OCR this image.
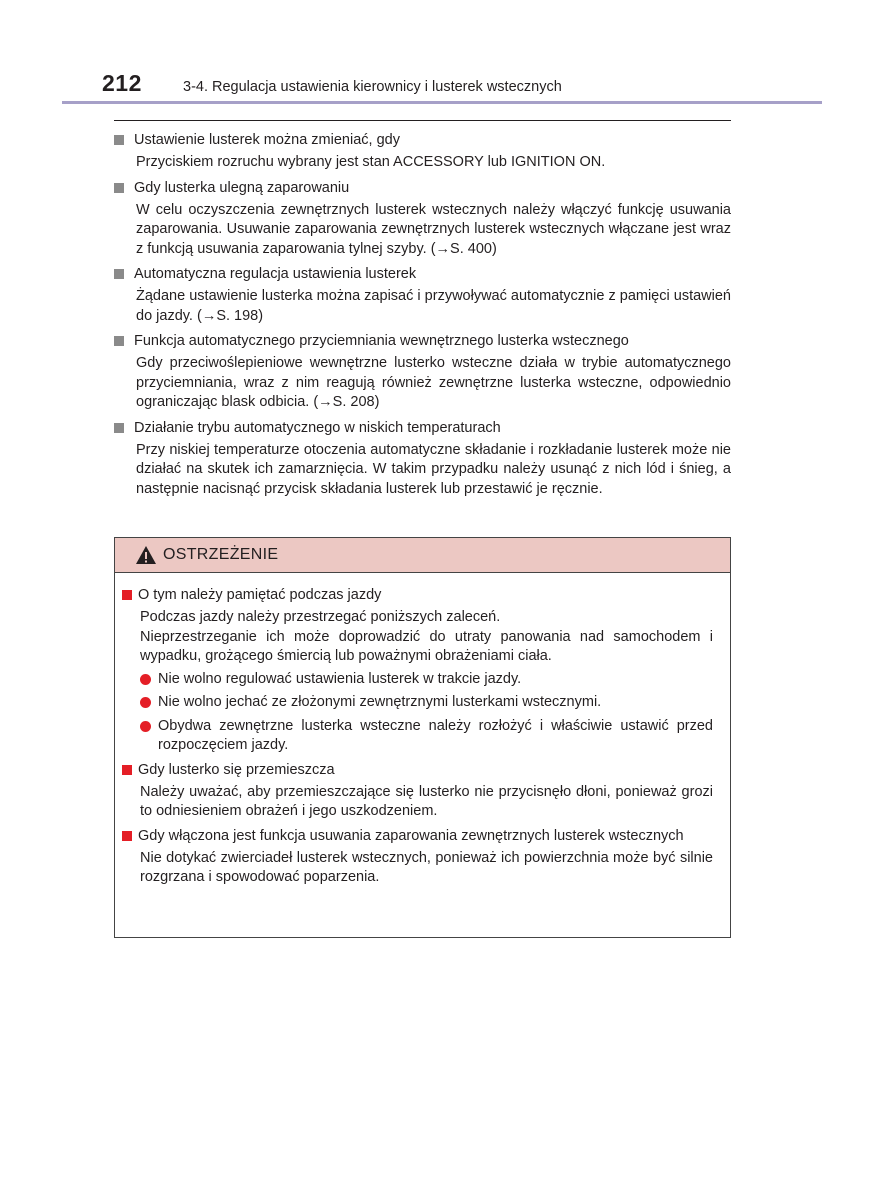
212	3-4. Regulacja ustawienia kierownicy i lusterek wstecznych
Ustawienie lusterek można zmieniać, gdy
Przyciskiem rozruchu wybrany jest stan ACCESSORY lub IGNITION ON.
Gdy lusterka ulegną zaparowaniu
W celu oczyszczenia zewnętrznych lusterek wstecznych należy włączyć funkcję usuwania zaparowania. Usuwanie zaparowania zewnętrznych lusterek wstecznych włączane jest wraz z funkcją usuwania zaparowania tylnej szyby. (→S. 400)
Automatyczna regulacja ustawienia lusterek
Żądane ustawienie lusterka można zapisać i przywoływać automatycznie z pamięci ustawień do jazdy. (→S. 198)
Funkcja automatycznego przyciemniania wewnętrznego lusterka wstecznego
Gdy przeciwoślepieniowe wewnętrzne lusterko wsteczne działa w trybie automatycznego przyciemniania, wraz z nim reagują również zewnętrzne lusterka wsteczne, odpowiednio ograniczając blask odbicia. (→S. 208)
Działanie trybu automatycznego w niskich temperaturach
Przy niskiej temperaturze otoczenia automatyczne składanie i rozkładanie lusterek może nie działać na skutek ich zamarznięcia. W takim przypadku należy usunąć z nich lód i śnieg, a następnie nacisnąć przycisk składania lusterek lub przestawić je ręcznie.
OSTRZEŻENIE
O tym należy pamiętać podczas jazdy
Podczas jazdy należy przestrzegać poniższych zaleceń.
Nieprzestrzeganie ich może doprowadzić do utraty panowania nad samochodem i wypadku, grożącego śmiercią lub poważnymi obrażeniami ciała.
Nie wolno regulować ustawienia lusterek w trakcie jazdy.
Nie wolno jechać ze złożonymi zewnętrznymi lusterkami wstecznymi.
Obydwa zewnętrzne lusterka wsteczne należy rozłożyć i właściwie ustawić przed rozpoczęciem jazdy.
Gdy lusterko się przemieszcza
Należy uważać, aby przemieszczające się lusterko nie przycisnęło dłoni, ponieważ grozi to odniesieniem obrażeń i jego uszkodzeniem.
Gdy włączona jest funkcja usuwania zaparowania zewnętrznych lusterek wstecznych
Nie dotykać zwierciadeł lusterek wstecznych, ponieważ ich powierzchnia może być silnie rozgrzana i spowodować poparzenia.
